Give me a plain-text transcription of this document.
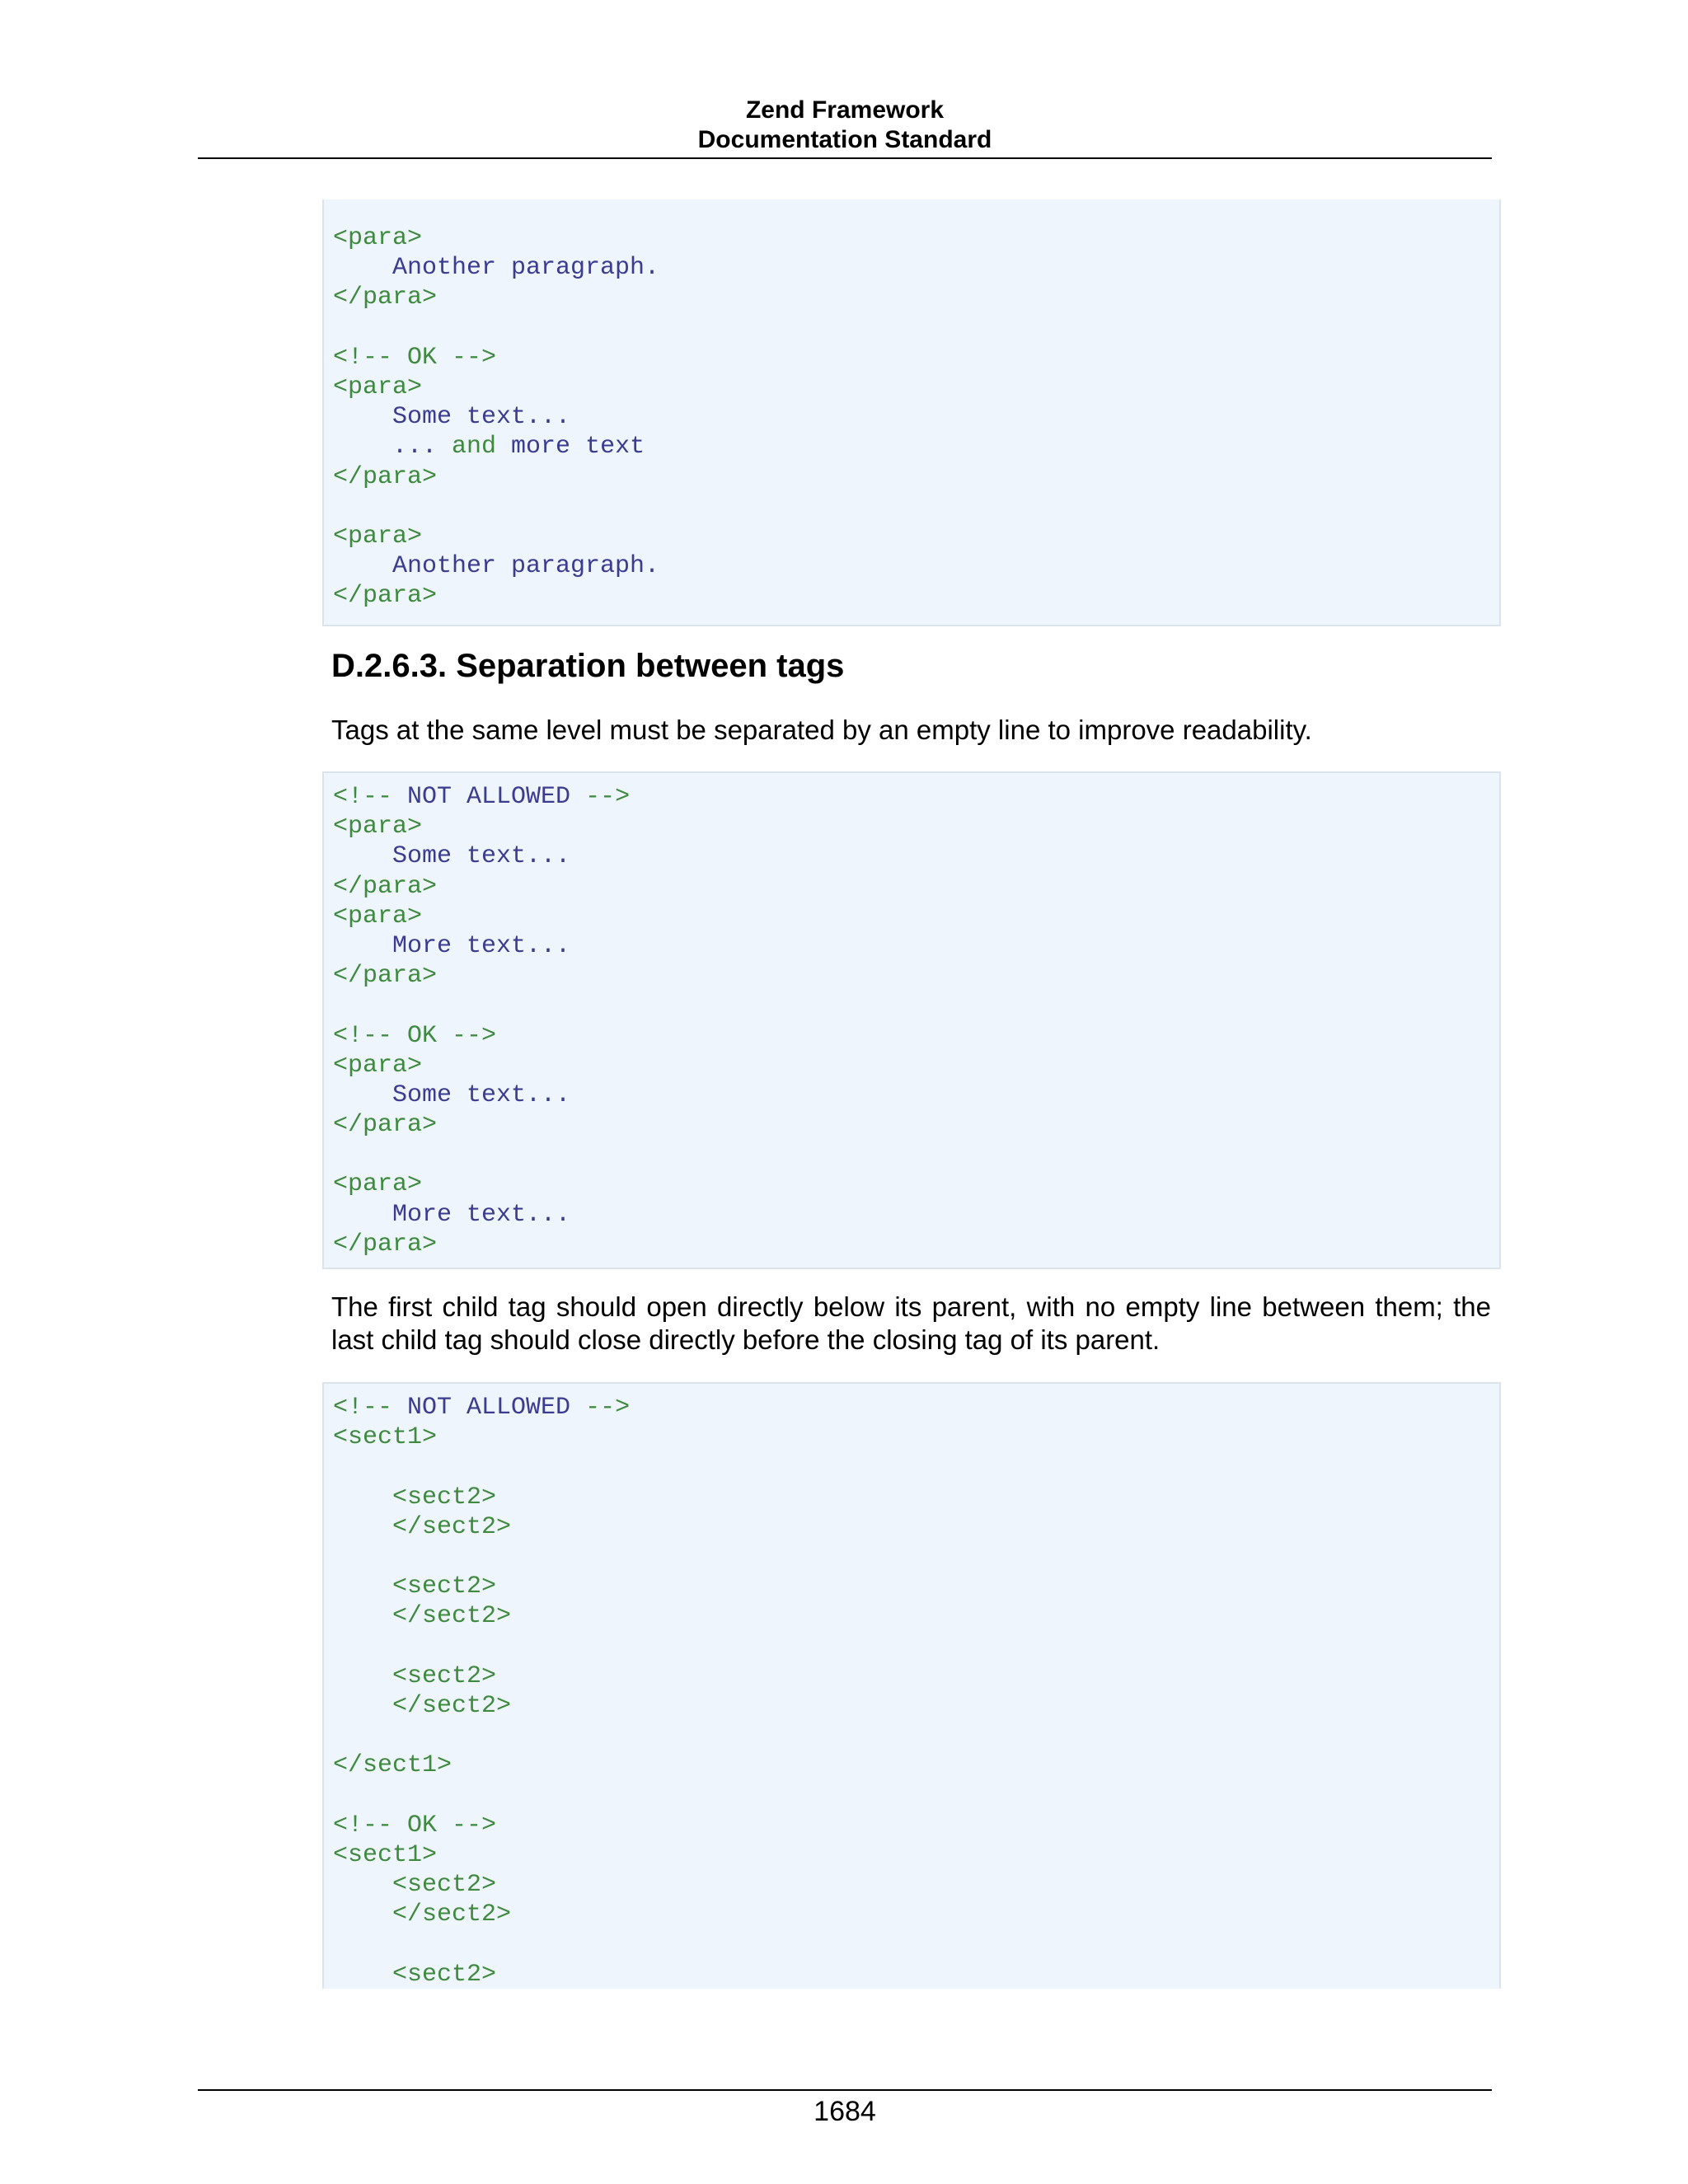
Zend Framework
Documentation Standard
<para>
Another paragraph.
</para>

<!-- OK -->
<para>
Some text...
... and more text
</para>

<para>
Another paragraph.
</para>
D.2.6.3. Separation between tags

Tags at the same level must be separated by an empty line to improve readability.

<!-- NOT ALLOWED -->
<para>
Some text...
</para>
<para>
More text...
</para>

<!-- OK -->
<para>
Some text...
</para>

<para>
More text...
</para>

The first child tag should open directly below its parent, with no empty line between them; the last child tag should close directly before the closing tag of its parent.

<!-- NOT ALLOWED -->
<sect1>

<sect2>
</sect2>

<sect2>
</sect2>

<sect2>
</sect2>

</sect1>

<!-- OK -->
<sect1>
<sect2>
</sect2>

<sect2>
1684
